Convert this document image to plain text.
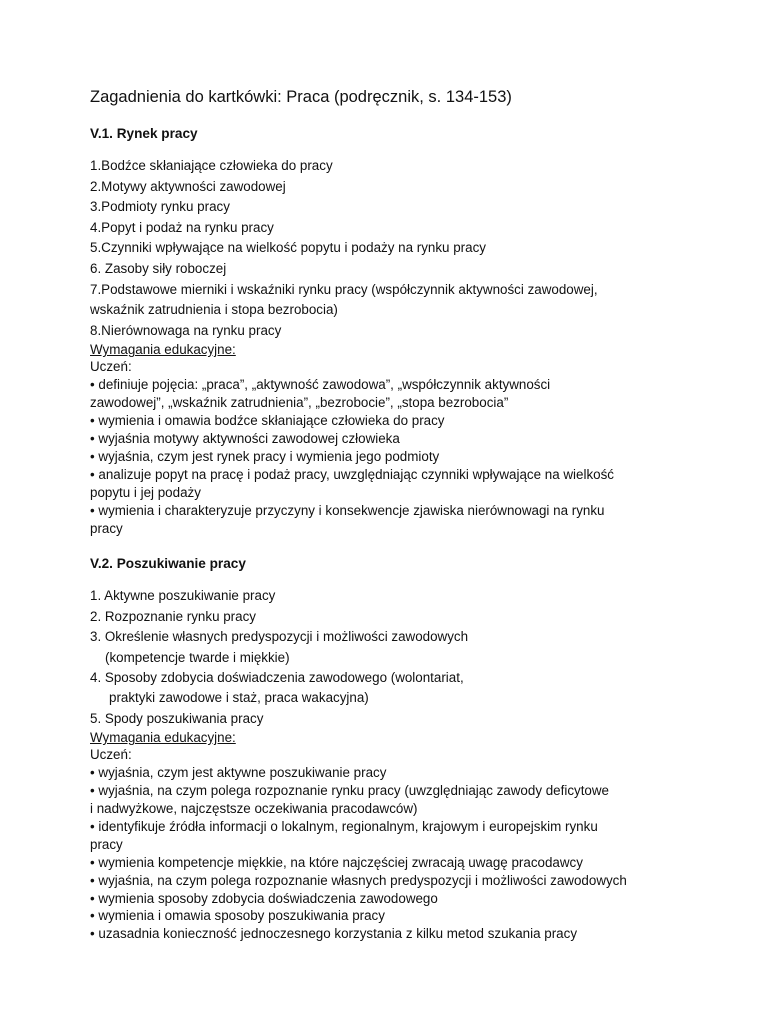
Zagadnienia do kartkówki: Praca (podręcznik, s. 134-153)
V.1. Rynek pracy
1.Bodźce skłaniające człowieka do pracy
2.Motywy aktywności zawodowej
3.Podmioty rynku pracy
4.Popyt i podaż na rynku pracy
5.Czynniki wpływające na wielkość popytu i podaży na rynku pracy
6. Zasoby siły roboczej
7.Podstawowe mierniki i wskaźniki rynku pracy (współczynnik aktywności zawodowej,
wskaźnik zatrudnienia i stopa bezrobocia)
8.Nierównowaga na rynku pracy
Wymagania edukacyjne:
Uczeń:
• definiuje pojęcia: „praca”, „aktywność zawodowa”, „współczynnik aktywności
zawodowej”, „wskaźnik zatrudnienia”, „bezrobocie”, „stopa bezrobocia”
• wymienia i omawia bodźce skłaniające człowieka do pracy
• wyjaśnia motywy aktywności zawodowej człowieka
• wyjaśnia, czym jest rynek pracy i wymienia jego podmioty
• analizuje popyt na pracę i podaż pracy, uwzględniając czynniki wpływające na wielkość
popytu i jej podaży
• wymienia i charakteryzuje przyczyny i konsekwencje zjawiska nierównowagi na rynku
pracy
V.2. Poszukiwanie pracy
1. Aktywne poszukiwanie pracy
2. Rozpoznanie rynku pracy
3. Określenie własnych predyspozycji i możliwości zawodowych
(kompetencje twarde i miękkie)
4. Sposoby zdobycia doświadczenia zawodowego (wolontariat,
praktyki zawodowe i staż, praca wakacyjna)
5. Spody poszukiwania pracy
Wymagania edukacyjne:
Uczeń:
• wyjaśnia, czym jest aktywne poszukiwanie pracy
• wyjaśnia, na czym polega rozpoznanie rynku pracy (uwzględniając zawody deficytowe
i nadwyżkowe, najczęstsze oczekiwania pracodawców)
• identyfikuje źródła informacji o lokalnym, regionalnym, krajowym i europejskim rynku
pracy
• wymienia kompetencje miękkie, na które najczęściej zwracają uwagę pracodawcy
• wyjaśnia, na czym polega rozpoznanie własnych predyspozycji i możliwości zawodowych
• wymienia sposoby zdobycia doświadczenia zawodowego
• wymienia i omawia sposoby poszukiwania pracy
• uzasadnia konieczność jednoczesnego korzystania z kilku metod szukania pracy
